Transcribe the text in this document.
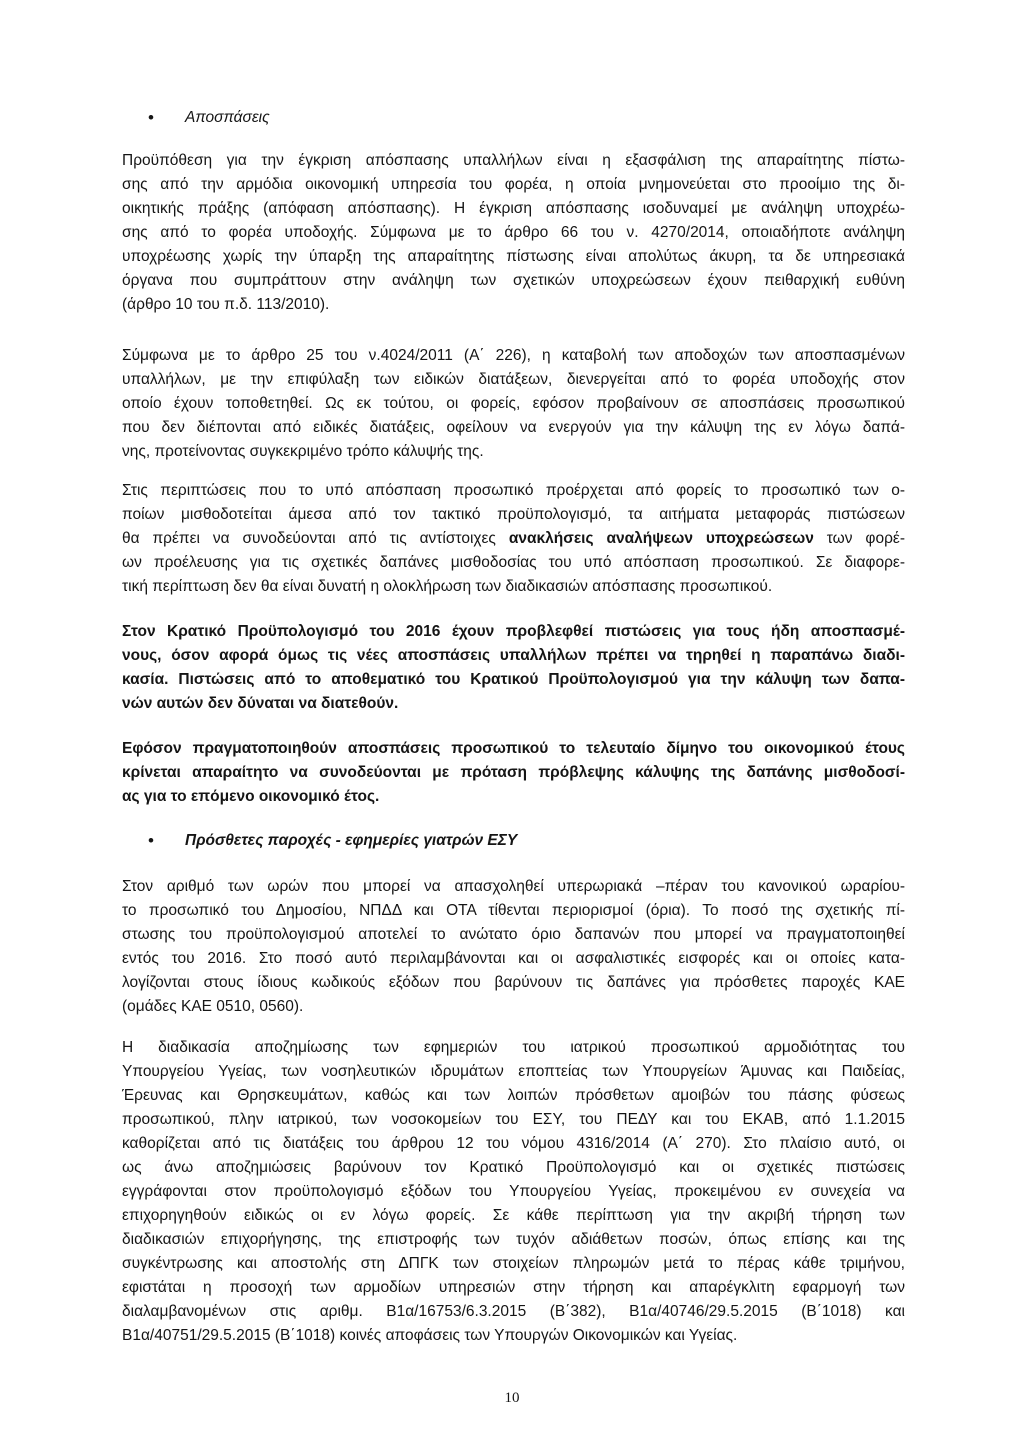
• Αποσπάσεις
Προϋπόθεση για την έγκριση απόσπασης υπαλλήλων είναι η εξασφάλιση της απαραίτητης πίστω-
σης από την αρμόδια οικονομική υπηρεσία του φορέα, η οποία μνημονεύεται στο προοίμιο της δι-
οικητικής πράξης (απόφαση απόσπασης). Η έγκριση απόσπασης ισοδυναμεί με ανάληψη υποχρέω-
σης από το φορέα υποδοχής. Σύμφωνα με το άρθρο 66 του ν. 4270/2014, οποιαδήποτε ανάληψη
υποχρέωσης χωρίς την ύπαρξη της απαραίτητης πίστωσης είναι απολύτως άκυρη, τα δε υπηρεσιακά
όργανα που συμπράττουν στην ανάληψη των σχετικών υποχρεώσεων έχουν πειθαρχική ευθύνη
(άρθρο 10 του π.δ. 113/2010).
Σύμφωνα με το άρθρο 25 του ν.4024/2011 (Α΄ 226), η καταβολή των αποδοχών των αποσπασμένων
υπαλλήλων, με την επιφύλαξη των ειδικών διατάξεων, διενεργείται από το φορέα υποδοχής στον
οποίο έχουν τοποθετηθεί. Ως εκ τούτου, οι φορείς, εφόσον προβαίνουν σε αποσπάσεις προσωπικού
που δεν διέπονται από ειδικές διατάξεις, οφείλουν να ενεργούν για την κάλυψη της εν λόγω δαπά-
νης, προτείνοντας συγκεκριμένο τρόπο κάλυψής της.
Στις περιπτώσεις που το υπό απόσπαση προσωπικό προέρχεται από φορείς το προσωπικό των ο-
ποίων μισθοδοτείται άμεσα από τον τακτικό προϋπολογισμό, τα αιτήματα μεταφοράς πιστώσεων
θα πρέπει να συνοδεύονται από τις αντίστοιχες ανακλήσεις αναλήψεων υποχρεώσεων των φορέ-
ων προέλευσης για τις σχετικές δαπάνες μισθοδοσίας του υπό απόσπαση προσωπικού. Σε διαφορε-
τική περίπτωση δεν θα είναι δυνατή η ολοκλήρωση των διαδικασιών απόσπασης προσωπικού.
Στον Κρατικό Προϋπολογισμό του 2016 έχουν προβλεφθεί πιστώσεις για τους ήδη αποσπασμέ-
νους, όσον αφορά όμως τις νέες αποσπάσεις υπαλλήλων πρέπει να τηρηθεί η παραπάνω διαδι-
κασία. Πιστώσεις από το αποθεματικό του Κρατικού Προϋπολογισμού για την κάλυψη των δαπα-
νών αυτών δεν δύναται να διατεθούν.
Εφόσον πραγματοποιηθούν αποσπάσεις προσωπικού το τελευταίο δίμηνο του οικονομικού έτους
κρίνεται απαραίτητο να συνοδεύονται με πρόταση πρόβλεψης κάλυψης της δαπάνης μισθοδοσί-
ας για το επόμενο οικονομικό έτος.
• Πρόσθετες παροχές - εφημερίες γιατρών ΕΣΥ
Στον αριθμό των ωρών που μπορεί να απασχοληθεί υπερωριακά –πέραν του κανονικού ωραρίου-
το προσωπικό του Δημοσίου, ΝΠΔΔ και ΟΤΑ τίθενται περιορισμοί (όρια). Το ποσό της σχετικής πί-
στωσης του προϋπολογισμού αποτελεί το ανώτατο όριο δαπανών που μπορεί να πραγματοποιηθεί
εντός του 2016. Στο ποσό αυτό περιλαμβάνονται και οι ασφαλιστικές εισφορές και οι οποίες κατα-
λογίζονται στους ίδιους κωδικούς εξόδων που βαρύνουν τις δαπάνες για πρόσθετες παροχές ΚΑΕ
(ομάδες ΚΑΕ 0510, 0560).
Η διαδικασία αποζημίωσης των εφημεριών του ιατρικού προσωπικού αρμοδιότητας του
Υπουργείου Υγείας, των νοσηλευτικών ιδρυμάτων εποπτείας των Υπουργείων Άμυνας και Παιδείας,
Έρευνας και Θρησκευμάτων, καθώς και των λοιπών πρόσθετων αμοιβών του πάσης φύσεως
προσωπικού, πλην ιατρικού, των νοσοκομείων του ΕΣΥ, του ΠΕΔΥ και του ΕΚΑΒ, από 1.1.2015
καθορίζεται από τις διατάξεις του άρθρου 12 του νόμου 4316/2014 (Α΄ 270). Στο πλαίσιο αυτό, οι
ως άνω αποζημιώσεις βαρύνουν τον Κρατικό Προϋπολογισμό και οι σχετικές πιστώσεις
εγγράφονται στον προϋπολογισμό εξόδων του Υπουργείου Υγείας, προκειμένου εν συνεχεία να
επιχορηγηθούν ειδικώς οι εν λόγω φορείς. Σε κάθε περίπτωση για την ακριβή τήρηση των
διαδικασιών επιχορήγησης, της επιστροφής των τυχόν αδιάθετων ποσών, όπως επίσης και της
συγκέντρωσης και αποστολής στη ΔΠΓΚ των στοιχείων πληρωμών μετά το πέρας κάθε τριμήνου,
εφιστάται η προσοχή των αρμοδίων υπηρεσιών στην τήρηση και απαρέγκλιτη εφαρμογή των
διαλαμβανομένων στις αριθμ. Β1α/16753/6.3.2015 (Β΄382), Β1α/40746/29.5.2015 (Β΄1018) και
Β1α/40751/29.5.2015 (Β΄1018) κοινές αποφάσεις των Υπουργών Οικονομικών και Υγείας.
10
